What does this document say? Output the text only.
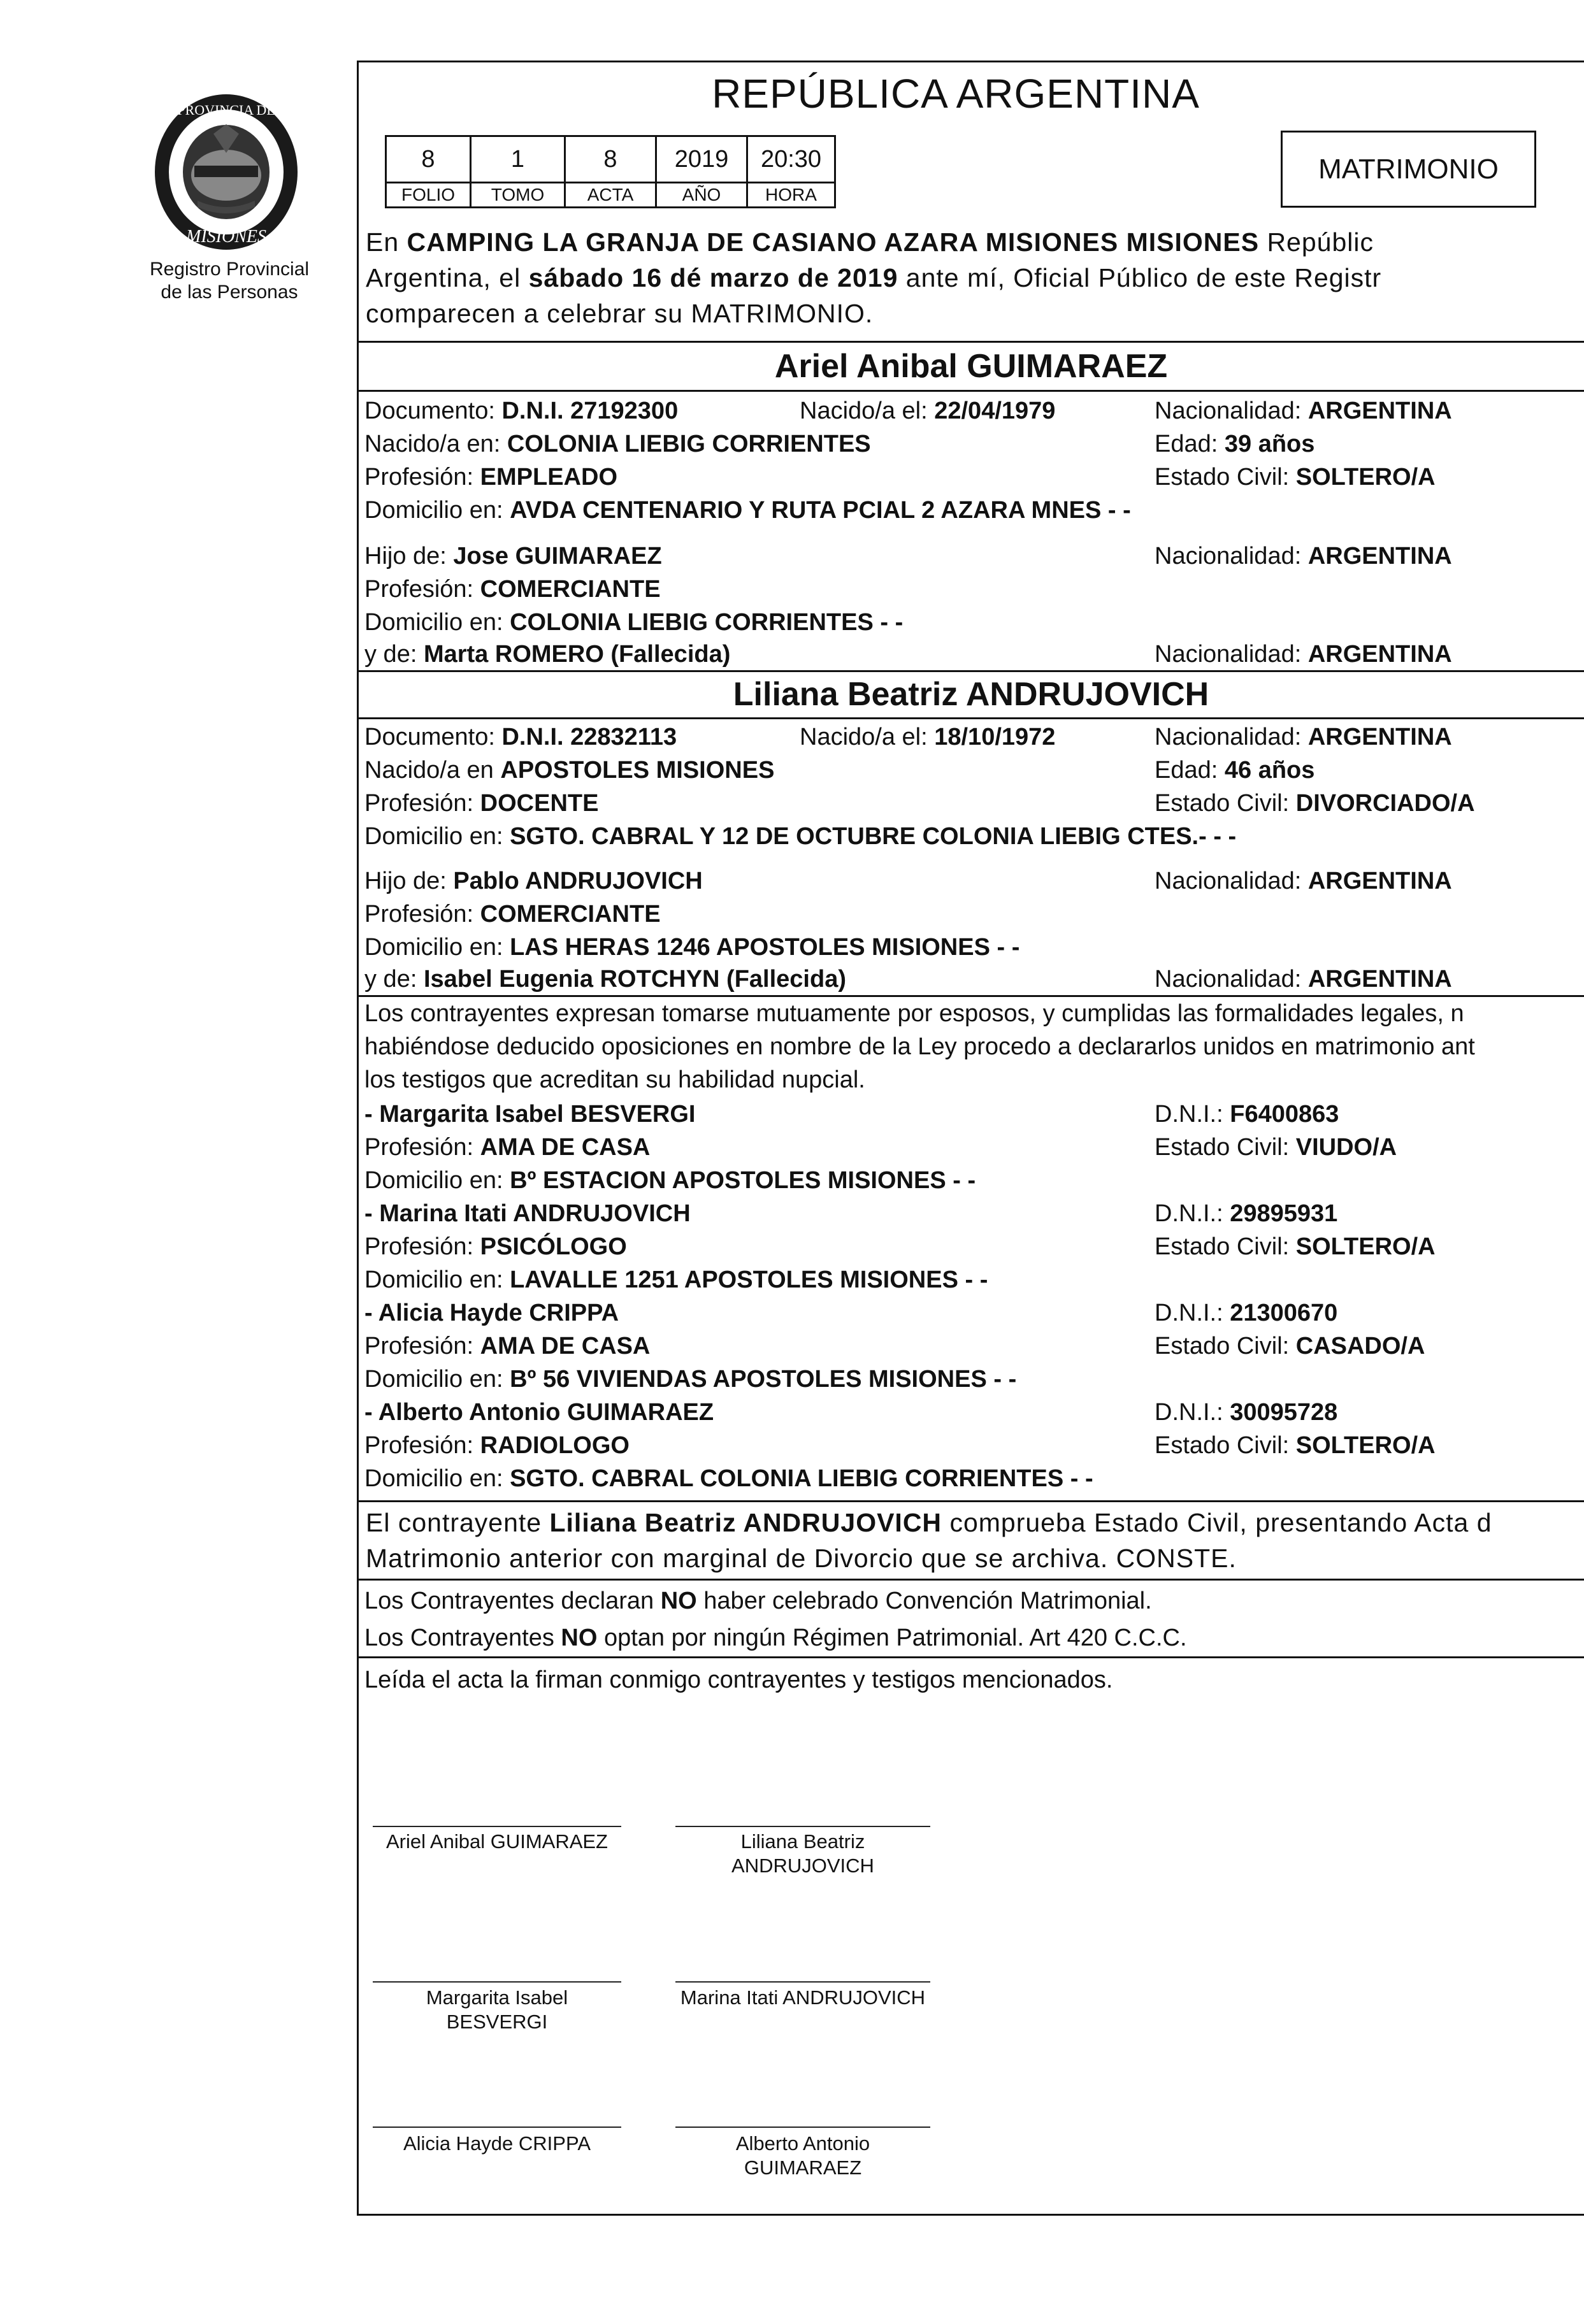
PROVINCIA DE
MISIONES
Registro Provincial
de las Personas
REPÚBLICA ARGENTINA
8	1	8	2019	20:30
FOLIO	TOMO	ACTA	AÑO	HORA
MATRIMONIO
En CAMPING LA GRANJA DE CASIANO AZARA MISIONES MISIONES Repúblic
Argentina, el sábado 16 dé marzo de 2019 ante mí, Oficial Público de este Registr
comparecen a celebrar su MATRIMONIO.
Ariel Anibal GUIMARAEZ
Documento: D.N.I. 27192300	Nacido/a el: 22/04/1979	Nacionalidad: ARGENTINA
Nacido/a en: COLONIA LIEBIG CORRIENTES	Edad: 39 años
Profesión: EMPLEADO	Estado Civil: SOLTERO/A
Domicilio en: AVDA CENTENARIO Y RUTA PCIAL 2 AZARA MNES - -
Hijo de: Jose GUIMARAEZ	Nacionalidad: ARGENTINA
Profesión: COMERCIANTE
Domicilio en: COLONIA LIEBIG CORRIENTES - -
y de: Marta ROMERO (Fallecida)	Nacionalidad: ARGENTINA
Liliana Beatriz ANDRUJOVICH
Documento: D.N.I. 22832113	Nacido/a el: 18/10/1972	Nacionalidad: ARGENTINA
Nacido/a en APOSTOLES MISIONES	Edad: 46 años
Profesión: DOCENTE	Estado Civil: DIVORCIADO/A
Domicilio en: SGTO. CABRAL Y 12 DE OCTUBRE COLONIA LIEBIG CTES.- - -
Hijo de: Pablo ANDRUJOVICH	Nacionalidad: ARGENTINA
Profesión: COMERCIANTE
Domicilio en: LAS HERAS 1246 APOSTOLES MISIONES - -
y de: Isabel Eugenia ROTCHYN (Fallecida)	Nacionalidad: ARGENTINA
Los contrayentes expresan tomarse mutuamente por esposos, y cumplidas las formalidades legales, n
habiéndose deducido oposiciones en nombre de la Ley procedo a declararlos unidos en matrimonio ant
los testigos que acreditan su habilidad nupcial.
- Margarita Isabel BESVERGI	D.N.I.: F6400863
Profesión: AMA DE CASA	Estado Civil: VIUDO/A
Domicilio en: Bº ESTACION APOSTOLES MISIONES - -
- Marina Itati ANDRUJOVICH	D.N.I.: 29895931
Profesión: PSICÓLOGO	Estado Civil: SOLTERO/A
Domicilio en: LAVALLE 1251 APOSTOLES MISIONES - -
- Alicia Hayde CRIPPA	D.N.I.: 21300670
Profesión: AMA DE CASA	Estado Civil: CASADO/A
Domicilio en: Bº 56 VIVIENDAS APOSTOLES MISIONES - -
- Alberto Antonio GUIMARAEZ	D.N.I.: 30095728
Profesión: RADIOLOGO	Estado Civil: SOLTERO/A
Domicilio en: SGTO. CABRAL COLONIA LIEBIG CORRIENTES - -
El contrayente Liliana Beatriz ANDRUJOVICH comprueba Estado Civil, presentando Acta d
Matrimonio anterior con marginal de Divorcio que se archiva. CONSTE.
Los Contrayentes declaran NO haber celebrado Convención Matrimonial.
Los Contrayentes NO optan por ningún Régimen Patrimonial. Art 420 C.C.C.
Leída el acta la firman conmigo contrayentes y testigos mencionados.
Ariel Anibal GUIMARAEZ	Liliana Beatriz
ANDRUJOVICH
Margarita Isabel
BESVERGI
Marina Itati ANDRUJOVICH
Alicia Hayde CRIPPA	Alberto Antonio
GUIMARAEZ
